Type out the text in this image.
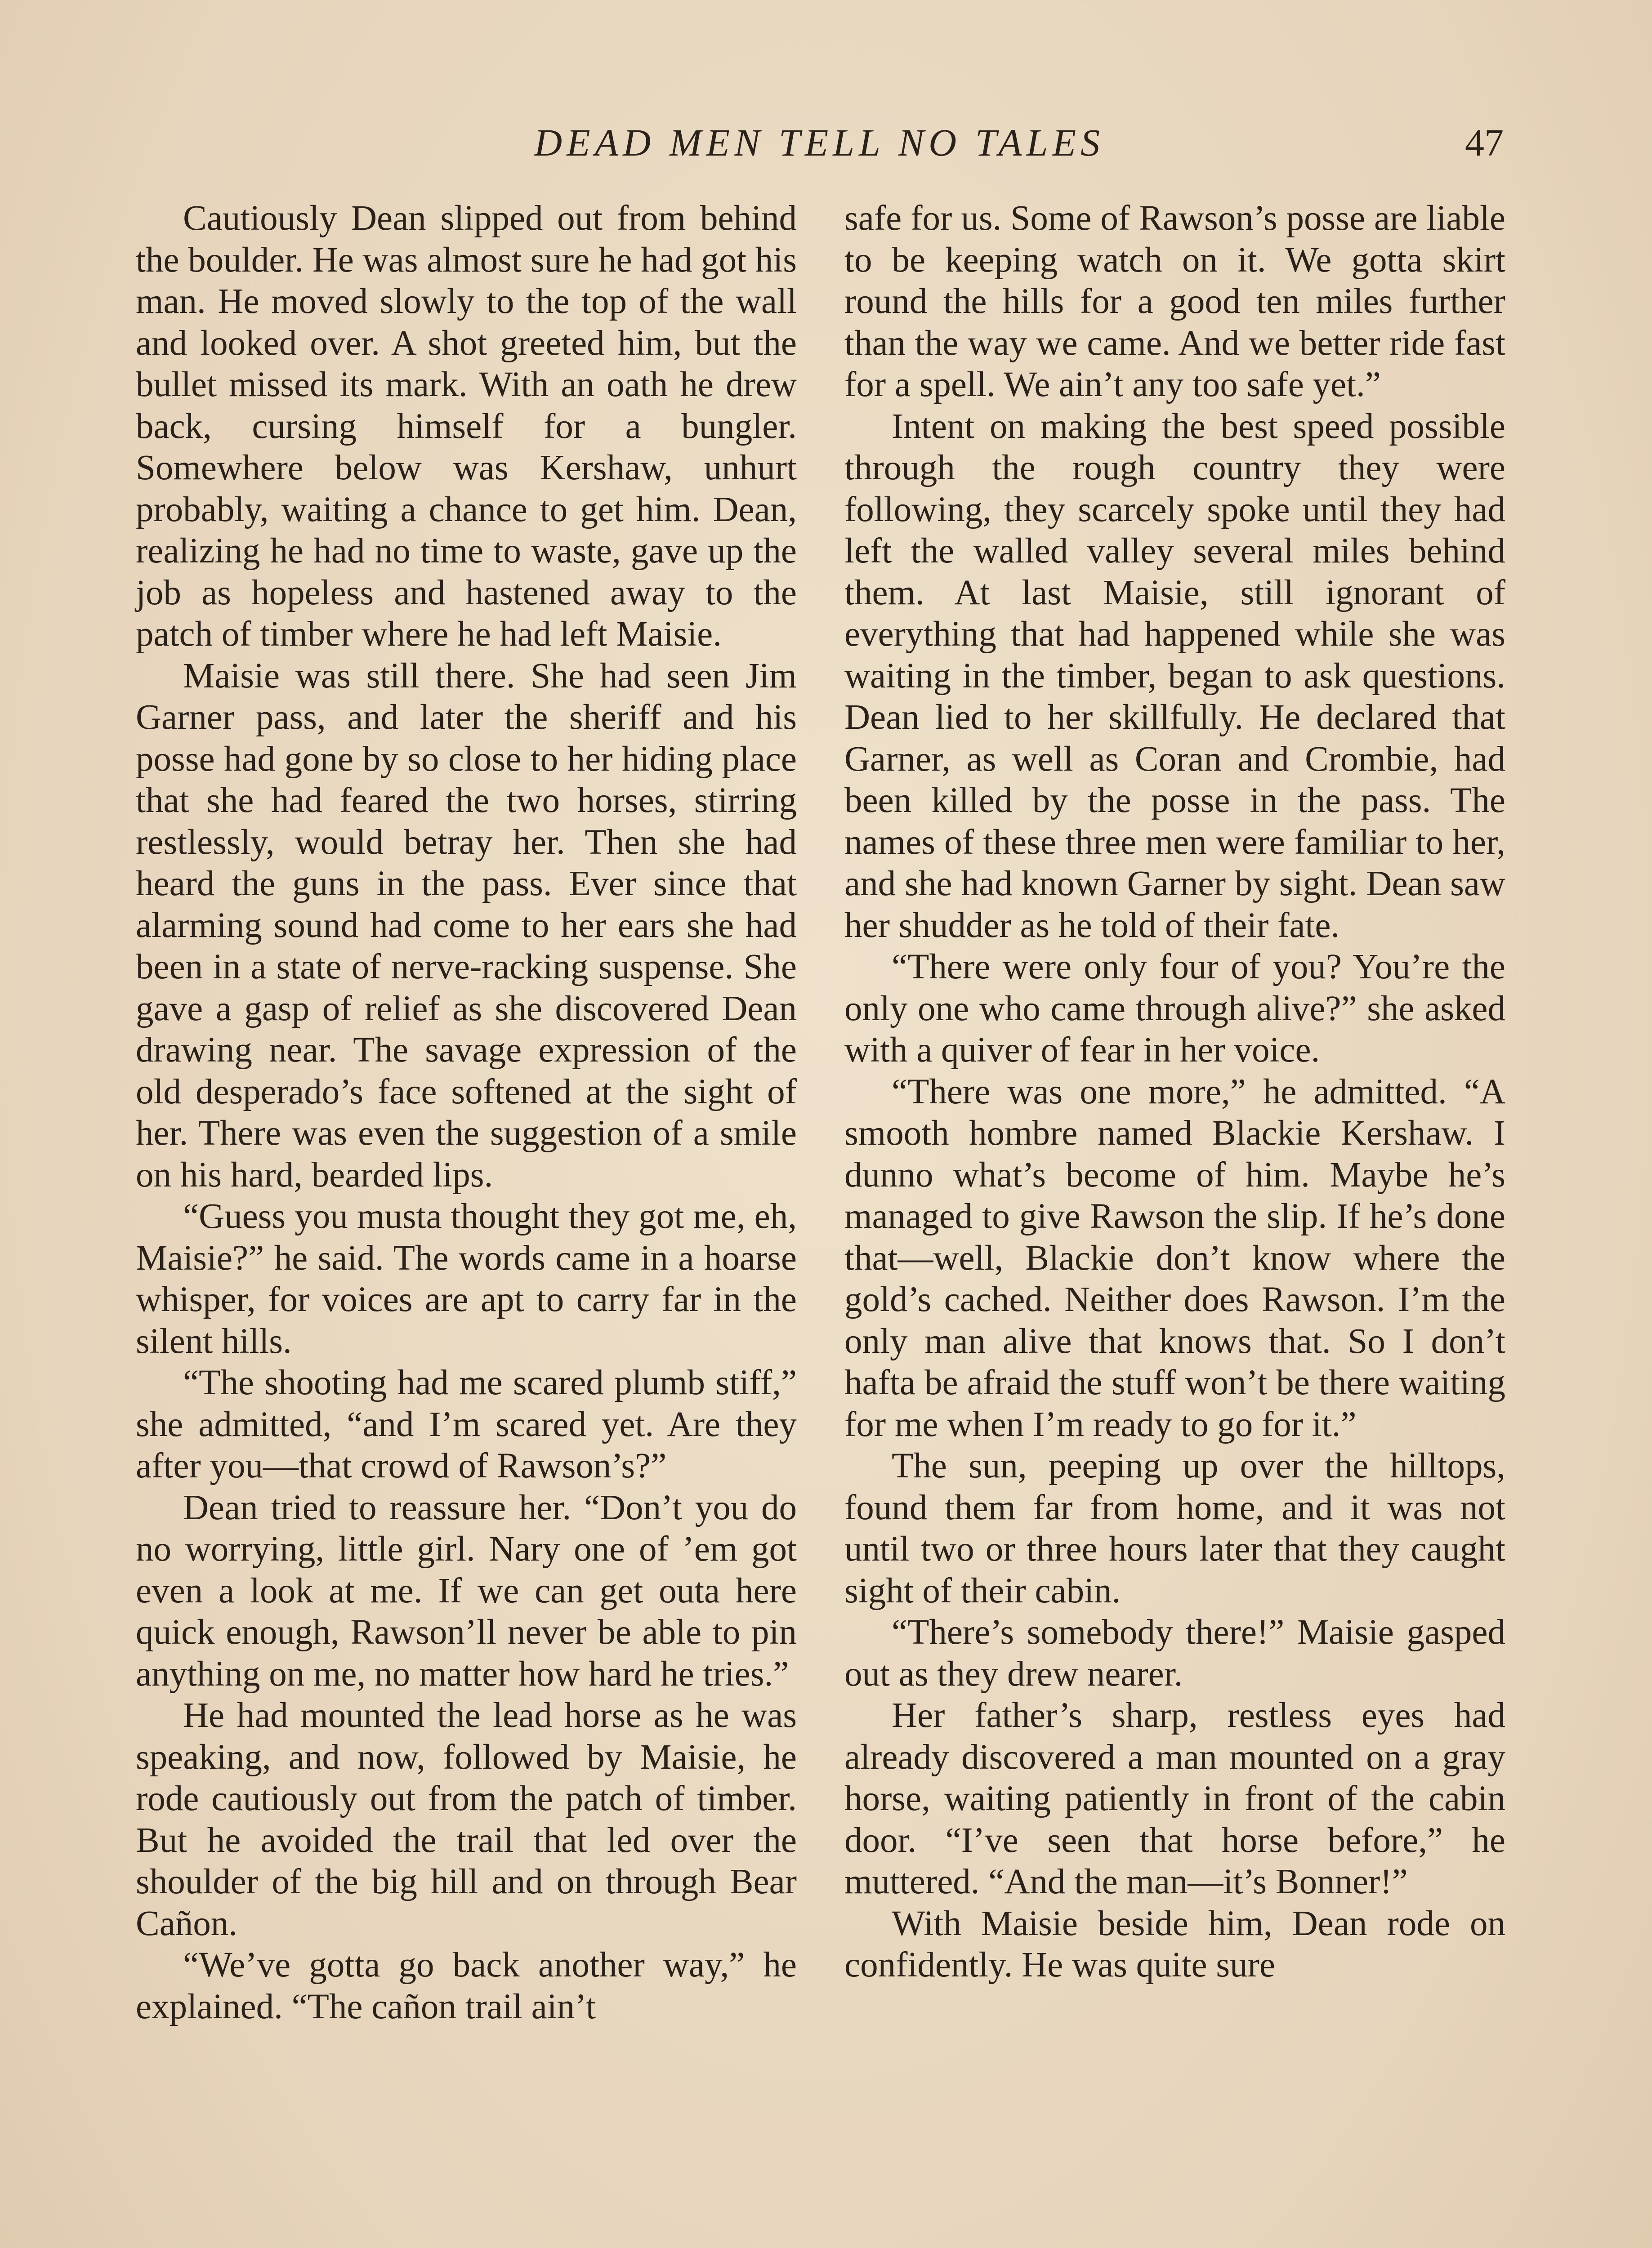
DEAD MEN TELL NO TALES	47

Cautiously Dean slipped out from behind the boulder. He was almost sure he had got his man. He moved slowly to the top of the wall and looked over. A shot greeted him, but the bullet missed its mark. With an oath he drew back, cursing himself for a bungler. Somewhere below was Kershaw, unhurt probably, waiting a chance to get him. Dean, realizing he had no time to waste, gave up the job as hopeless and hastened away to the patch of timber where he had left Maisie.

Maisie was still there. She had seen Jim Garner pass, and later the sheriff and his posse had gone by so close to her hiding place that she had feared the two horses, stirring restlessly, would betray her. Then she had heard the guns in the pass. Ever since that alarming sound had come to her ears she had been in a state of nerve-racking suspense. She gave a gasp of relief as she discovered Dean drawing near. The savage expression of the old desperado’s face softened at the sight of her. There was even the suggestion of a smile on his hard, bearded lips.

“Guess you musta thought they got me, eh, Maisie?” he said. The words came in a hoarse whisper, for voices are apt to carry far in the silent hills.

“The shooting had me scared plumb stiff,” she admitted, “and I’m scared yet. Are they after you—that crowd of Rawson’s?”

Dean tried to reassure her. “Don’t you do no worrying, little girl. Nary one of ’em got even a look at me. If we can get outa here quick enough, Rawson’ll never be able to pin anything on me, no matter how hard he tries.”

He had mounted the lead horse as he was speaking, and now, followed by Maisie, he rode cautiously out from the patch of timber. But he avoided the trail that led over the shoulder of the big hill and on through Bear Cañon.

“We’ve gotta go back another way,” he explained. “The cañon trail ain’t

safe for us. Some of Rawson’s posse are liable to be keeping watch on it. We gotta skirt round the hills for a good ten miles further than the way we came. And we better ride fast for a spell. We ain’t any too safe yet.”

Intent on making the best speed possible through the rough country they were following, they scarcely spoke until they had left the walled valley several miles behind them. At last Maisie, still ignorant of everything that had happened while she was waiting in the timber, began to ask questions. Dean lied to her skillfully. He declared that Garner, as well as Coran and Crombie, had been killed by the posse in the pass. The names of these three men were familiar to her, and she had known Garner by sight. Dean saw her shudder as he told of their fate.

“There were only four of you? You’re the only one who came through alive?” she asked with a quiver of fear in her voice.

“There was one more,” he admitted. “A smooth hombre named Blackie Kershaw. I dunno what’s become of him. Maybe he’s managed to give Rawson the slip. If he’s done that—well, Blackie don’t know where the gold’s cached. Neither does Rawson. I’m the only man alive that knows that. So I don’t hafta be afraid the stuff won’t be there waiting for me when I’m ready to go for it.”

The sun, peeping up over the hilltops, found them far from home, and it was not until two or three hours later that they caught sight of their cabin.

“There’s somebody there!” Maisie gasped out as they drew nearer.

Her father’s sharp, restless eyes had already discovered a man mounted on a gray horse, waiting patiently in front of the cabin door. “I’ve seen that horse before,” he muttered. “And the man—it’s Bonner!”

With Maisie beside him, Dean rode on confidently. He was quite sure
